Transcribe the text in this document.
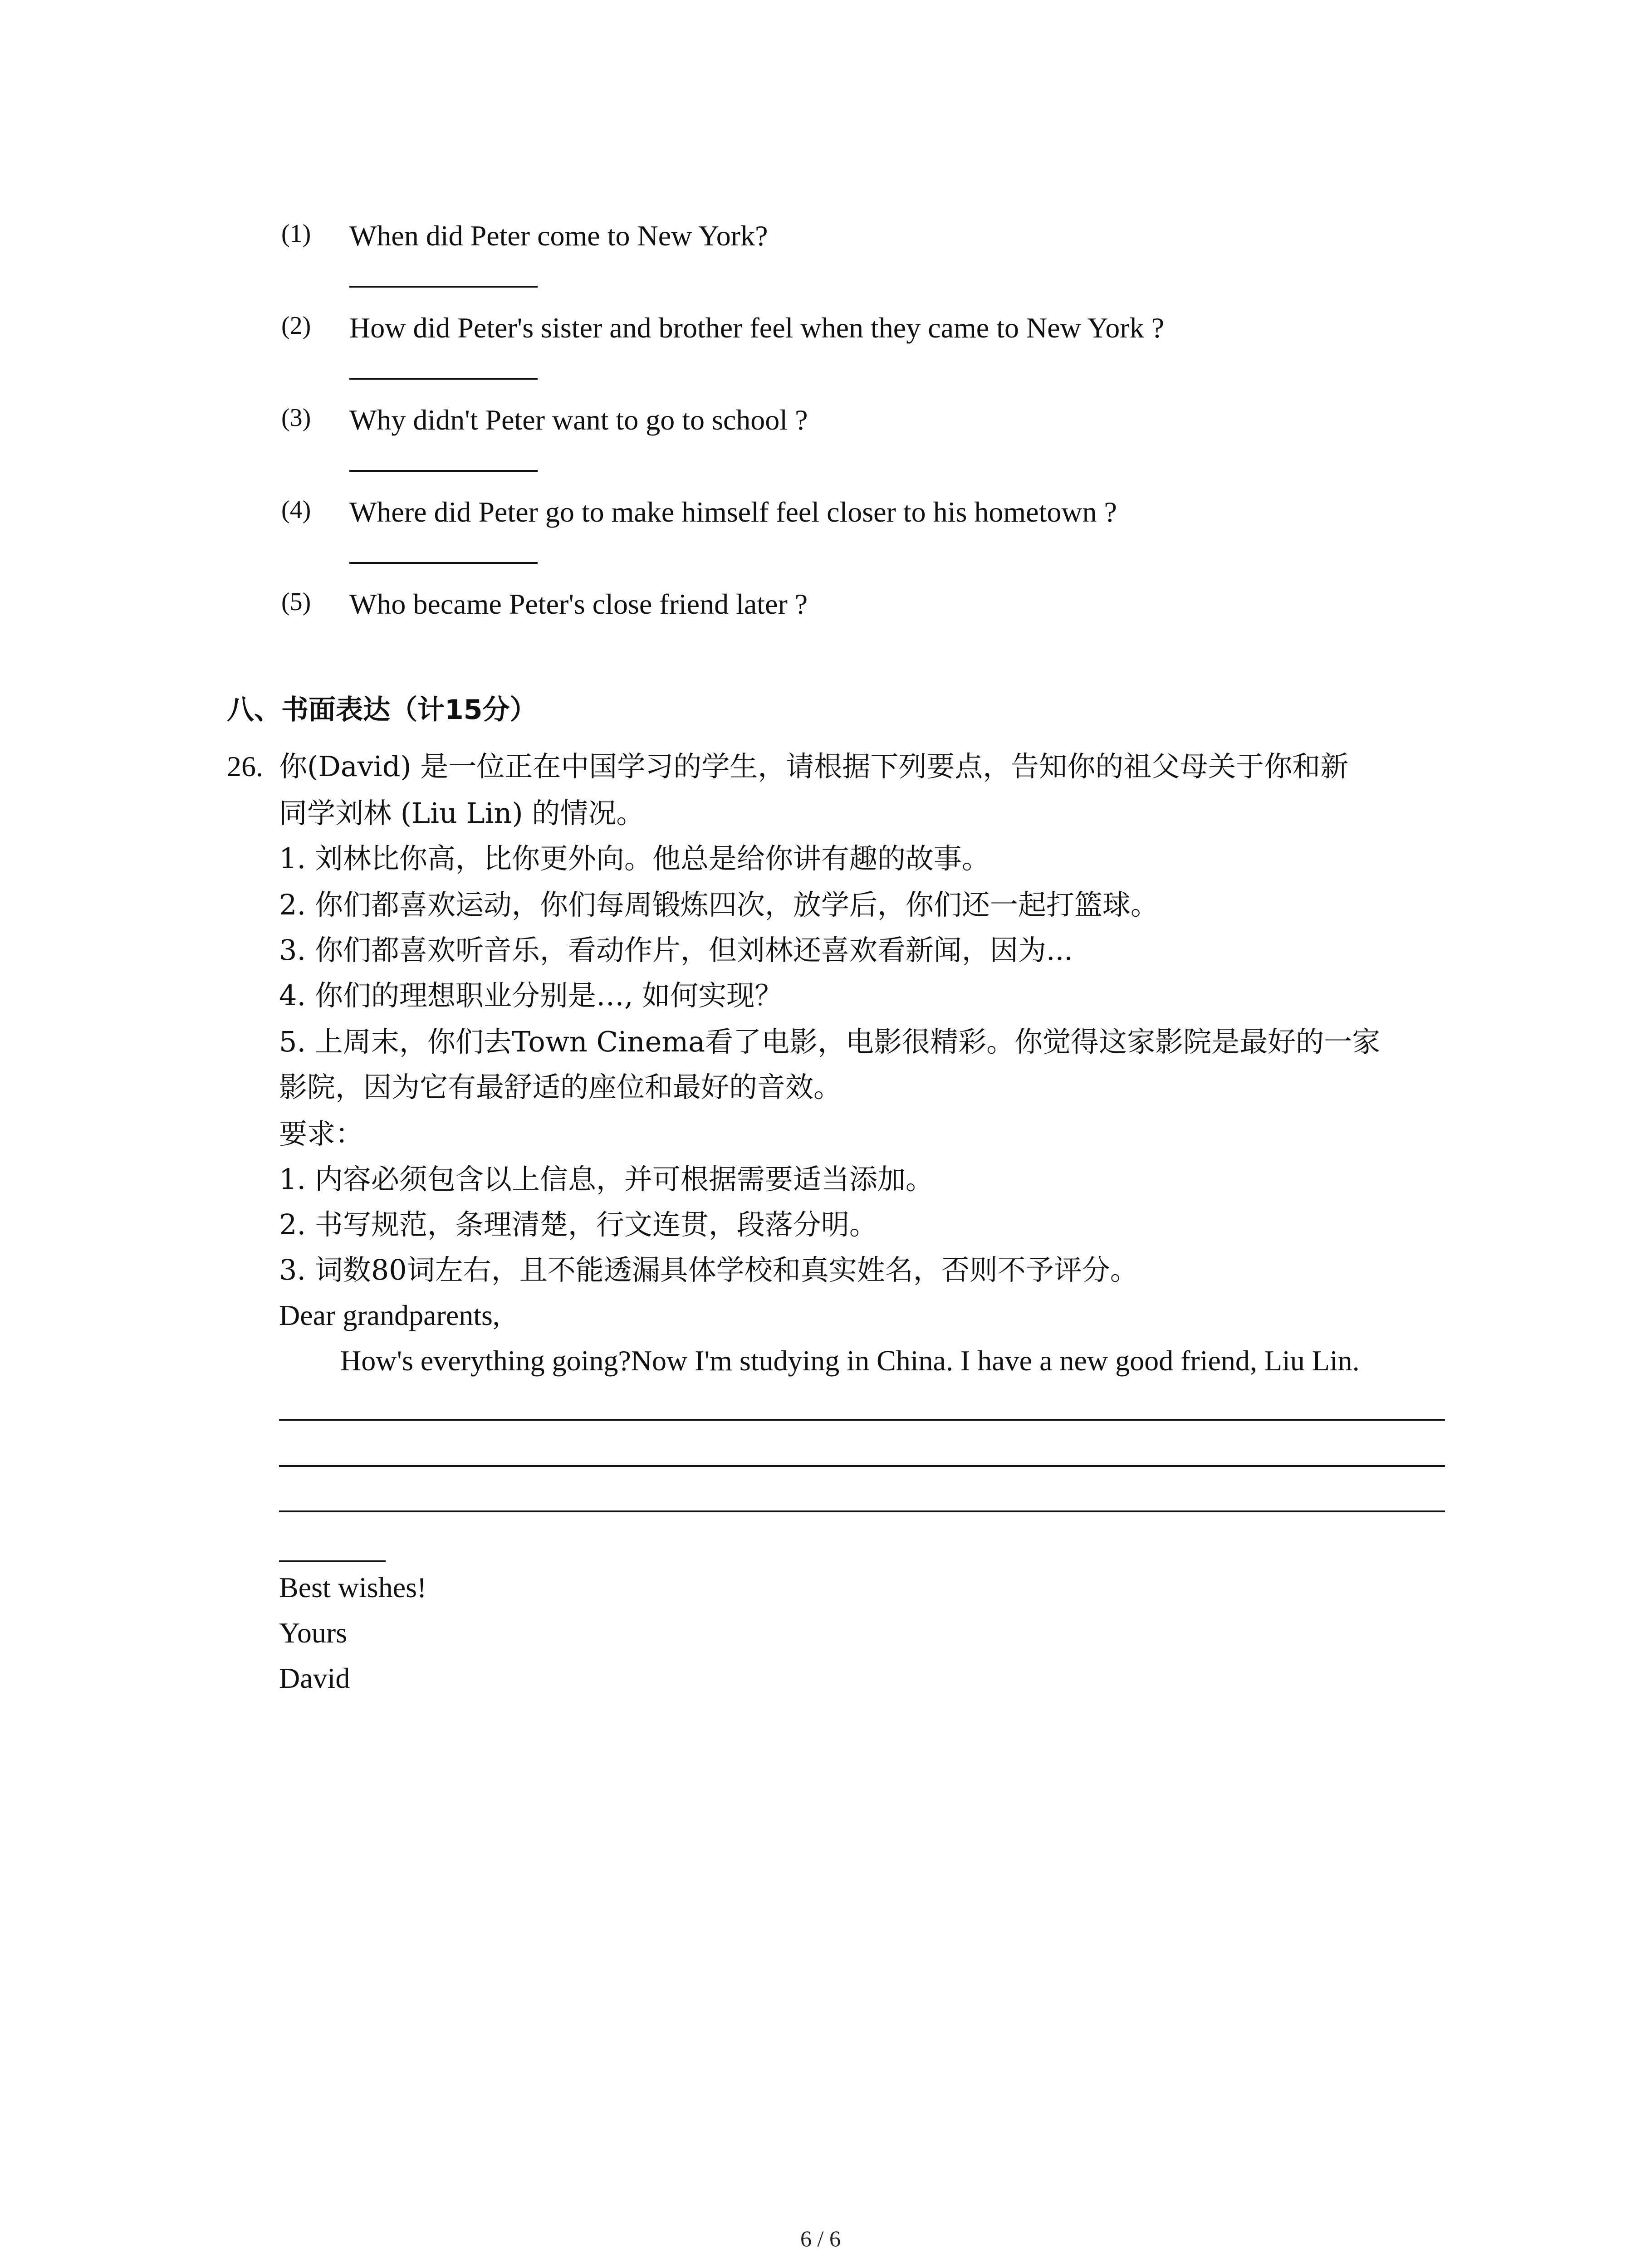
(1) When did Peter come to New York?
(2) How did Peter's sister and brother feel when they came to New York ?
(3) Why didn't Peter want to go to school ?
(4) Where did Peter go to make himself feel closer to his hometown ?
(5) Who became Peter's close friend later ?
八、书面表达（计15分）
26. 你(David) 是一位正在中国学习的学生，请根据下列要点，告知你的祖父母关于你和新
同学刘林 (Liu Lin) 的情况。
1. 刘林比你高，比你更外向。他总是给你讲有趣的故事。
2. 你们都喜欢运动，你们每周锻炼四次，放学后，你们还一起打篮球。
3. 你们都喜欢听音乐，看动作片，但刘林还喜欢看新闻，因为...
4. 你们的理想职业分别是…, 如何实现？
5. 上周末，你们去Town Cinema看了电影，电影很精彩。你觉得这家影院是最好的一家
影院，因为它有最舒适的座位和最好的音效。
要求：
1. 内容必须包含以上信息，并可根据需要适当添加。
2. 书写规范，条理清楚，行文连贯，段落分明。
3. 词数80词左右，且不能透漏具体学校和真实姓名，否则不予评分。
Dear grandparents,
How's everything going?Now I'm studying in China. I have a new good friend, Liu Lin.
Best wishes!
Yours
David
6 / 6
